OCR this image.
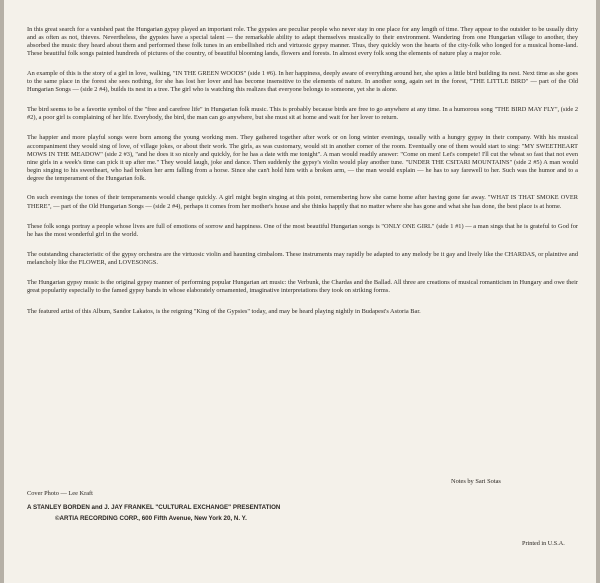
In this great search for a vanished past the Hungarian gypsy played an important role. The gypsies are peculiar people who never stay in one place for any length of time. They appear to the outsider to be usually dirty and as often as not, thieves. Nevertheless, the gypsies have a special talent — the remarkable ability to adapt themselves musically to their environment. Wandering from one Hungarian village to another, they absorbed the music they heard about them and performed these folk tunes in an embellished rich and virtuosic gypsy manner. Thus, they quickly won the hearts of the city-folk who longed for a musical home-land. These beautiful folk songs painted hundreds of pictures of the country, of beautiful blooming lands, flowers and forests. In almost every folk song the elements of nature play a major role.

An example of this is the story of a girl in love, walking, "IN THE GREEN WOODS" (side 1 #6). In her happiness, deeply aware of everything around her, she spies a little bird building its nest. Next time as she goes to the same place in the forest she sees nothing, for she has lost her lover and has become insensitive to the elements of nature. In another song, again set in the forest, "THE LITTLE BIRD" — part of the Old Hungarian Songs — (side 2 #4), builds its nest in a tree. The girl who is watching this realizes that everyone belongs to someone, yet she is alone.

The bird seems to be a favorite symbol of the "free and carefree life" in Hungarian folk music. This is probably because birds are free to go anywhere at any time. In a humorous song "THE BIRD MAY FLY", (side 2 #2), a poor girl is complaining of her life. Everybody, the bird, the man can go anywhere, but she must sit at home and wait for her lover to return.

The happier and more playful songs were born among the young working men. They gathered together after work or on long winter evenings, usually with a hungry gypsy in their company. With his musical accompaniment they would sing of love, of village jokes, or about their work. The girls, as was customary, would sit in another corner of the room. Eventually one of them would start to sing: "MY SWEETHEART MOWS IN THE MEADOW" (side 2 #3), "and he does it so nicely and quickly, for he has a date with me tonight". A man would readily answer: "Come on men! Let's compete! I'll cut the wheat so fast that not even nine girls in a week's time can pick it up after me." They would laugh, joke and dance. Then suddenly the gypsy's violin would play another tune. "UNDER THE CSITARI MOUNTAINS" (side 2 #5) A man would begin singing to his sweetheart, who had broken her arm falling from a horse. Since she can't hold him with a broken arm, — the man would explain — he has to say farewell to her. Such was the humor and to a degree the temperament of the Hungarian folk.

On such evenings the tones of their temperaments would change quickly. A girl might begin singing at this point, remembering how she came home after having gone far away. "WHAT IS THAT SMOKE OVER THERE", — part of the Old Hungarian Songs — (side 2 #4), perhaps it comes from her mother's house and she thinks happily that no matter where she has gone and what she has done, the best place is at home.

These folk songs portray a people whose lives are full of emotions of sorrow and happiness. One of the most beautiful Hungarian songs is "ONLY ONE GIRL" (side 1 #1) — a man sings that he is grateful to God for he has the most wonderful girl in the world.

The outstanding characteristic of the gypsy orchestra are the virtuosic violin and haunting cimbalom. These instruments may rapidly be adapted to any melody be it gay and lively like the CHARDAS, or plaintive and melancholy like the FLOWER, and LOVESONGS.

The Hungarian gypsy music is the original gypsy manner of performing popular Hungarian art music: the Verbunk, the Chardas and the Ballad. All three are creations of musical romanticism in Hungary and owe their great popularity especially to the famed gypsy bands in whose elaborately ornamented, imaginative interpretations they took on striking forms.

The featured artist of this Album, Sandor Lakatos, is the reigning "King of the Gypsies" today, and may be heard playing nightly in Budapest's Astoria Bar.

Notes by Sari Sotas
Cover Photo — Lee Kraft
A STANLEY BORDEN and J. JAY FRANKEL "CULTURAL EXCHANGE" PRESENTATION
©ARTIA RECORDING CORP., 600 Fifth Avenue, New York 20, N. Y.
Printed in U.S.A.
